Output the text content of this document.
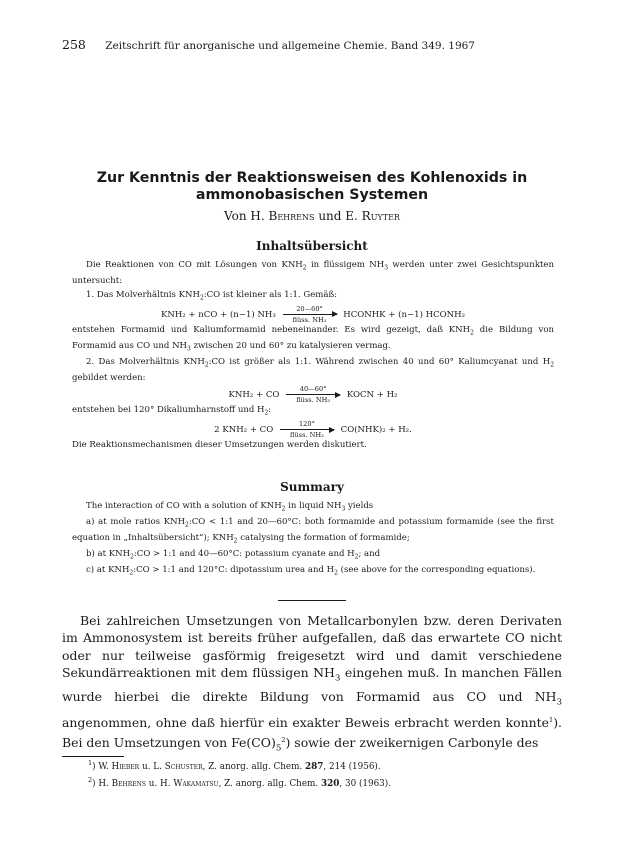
258 Zeitschrift für anorganische und allgemeine Chemie. Band 349. 1967
Zur Kenntnis der Reaktionsweisen des Kohlenoxids in
ammonobasischen Systemen
Von H. Behrens und E. Ruyter
Inhaltsübersicht

Die Reaktionen von CO mit Lösungen von $KNH_2$ in flüssigem $NH_3$ werden unter zwei Gesichtspunkten untersucht:

1. Das Molverhältnis $KNH_2:CO$ ist kleiner als 1:1. Gemäß:

KNH₂ + nCO + (n−1) NH₃
20—60°
flüss. NH₃	HCONHK + (n−1) HCONH₂

entstehen Formamid und Kaliumformamid nebeneinander. Es wird gezeigt, daß $KNH_2$ die Bildung von Formamid aus CO und $NH_3$ zwischen 20 und 60° zu katalysieren vermag.

2. Das Molverhältnis $KNH_2:CO$ ist größer als 1:1. Während zwischen 40 und 60° Kaliumcyanat und $H_2$ gebildet werden:

KNH₂ + CO
40—60°
flüss. NH₃	KOCN + H₂

entstehen bei 120° Dikaliumharnstoff und $H_2$:

2 KNH₂ + CO
120°
flüss. NH₃	CO(NHK)₂ + H₂.

Die Reaktionsmechanismen dieser Umsetzungen werden diskutiert.

Summary

The interaction of CO with a solution of $KNH_2$ in liquid $NH_3$ yields

a) at mole ratios $KNH_2:CO$ < 1:1 and 20—60°C: both formamide and potassium formamide (see the first equation in „Inhaltsübersicht“); $KNH_2$ catalysing the formation of formamide;

b) at $KNH_2:CO$ > 1:1 and 40—60°C: potassium cyanate and $H_2$; and

c) at $KNH_2:CO$ > 1:1 and 120°C: dipotassium urea and $H_2$ (see above for the corresponding equations).

Bei zahlreichen Umsetzungen von Metallcarbonylen bzw. deren Derivaten im Ammonosystem ist bereits früher aufgefallen, daß das erwartete CO nicht oder nur teilweise gasförmig freigesetzt wird und damit verschiedene Sekundärreaktionen mit dem flüssigen $NH_3$ eingehen muß. In manchen Fällen wurde hierbei die direkte Bildung von Formamid aus CO und $NH_3$ angenommen, ohne daß hierfür ein exakter Beweis erbracht werden konnte$^1$). Bei den Umsetzungen von $Fe(CO)_5^2$) sowie der zweikernigen Carbonyle des

$^1$) W. Hieber u. L. Schuster, Z. anorg. allg. Chem. 287, 214 (1956).
$^2$) H. Behrens u. H. Wakamatsu, Z. anorg. allg. Chem. 320, 30 (1963).
